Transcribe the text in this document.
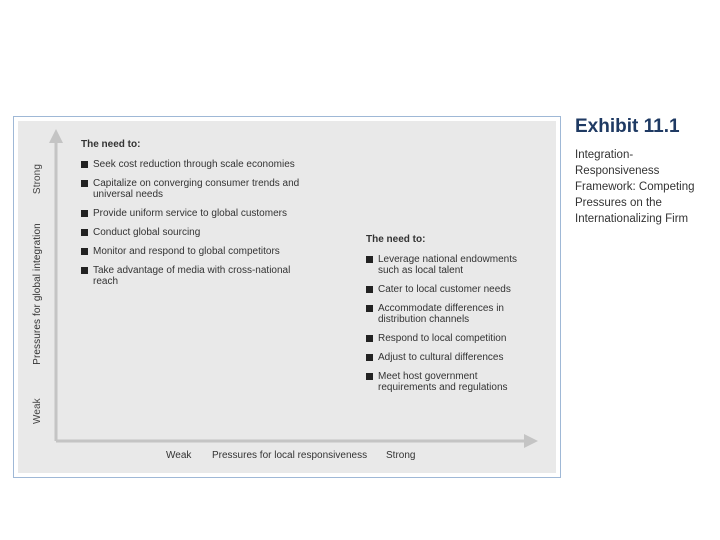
Weak
Pressures for global integration
Strong
Weak Pressures for local responsiveness Strong
The need to:
Seek cost reduction through scale economies
Capitalize on converging consumer trends and universal needs
Provide uniform service to global customers
Conduct global sourcing
Monitor and respond to global competitors
Take advantage of media with cross-national reach
The need to:
Leverage national endowments such as local talent
Cater to local customer needs
Accommodate differences in distribution channels
Respond to local competition
Adjust to cultural differences
Meet host government requirements and regulations
Exhibit 11.1
Integration-Responsiveness Framework: Competing Pressures on the Internationalizing Firm
